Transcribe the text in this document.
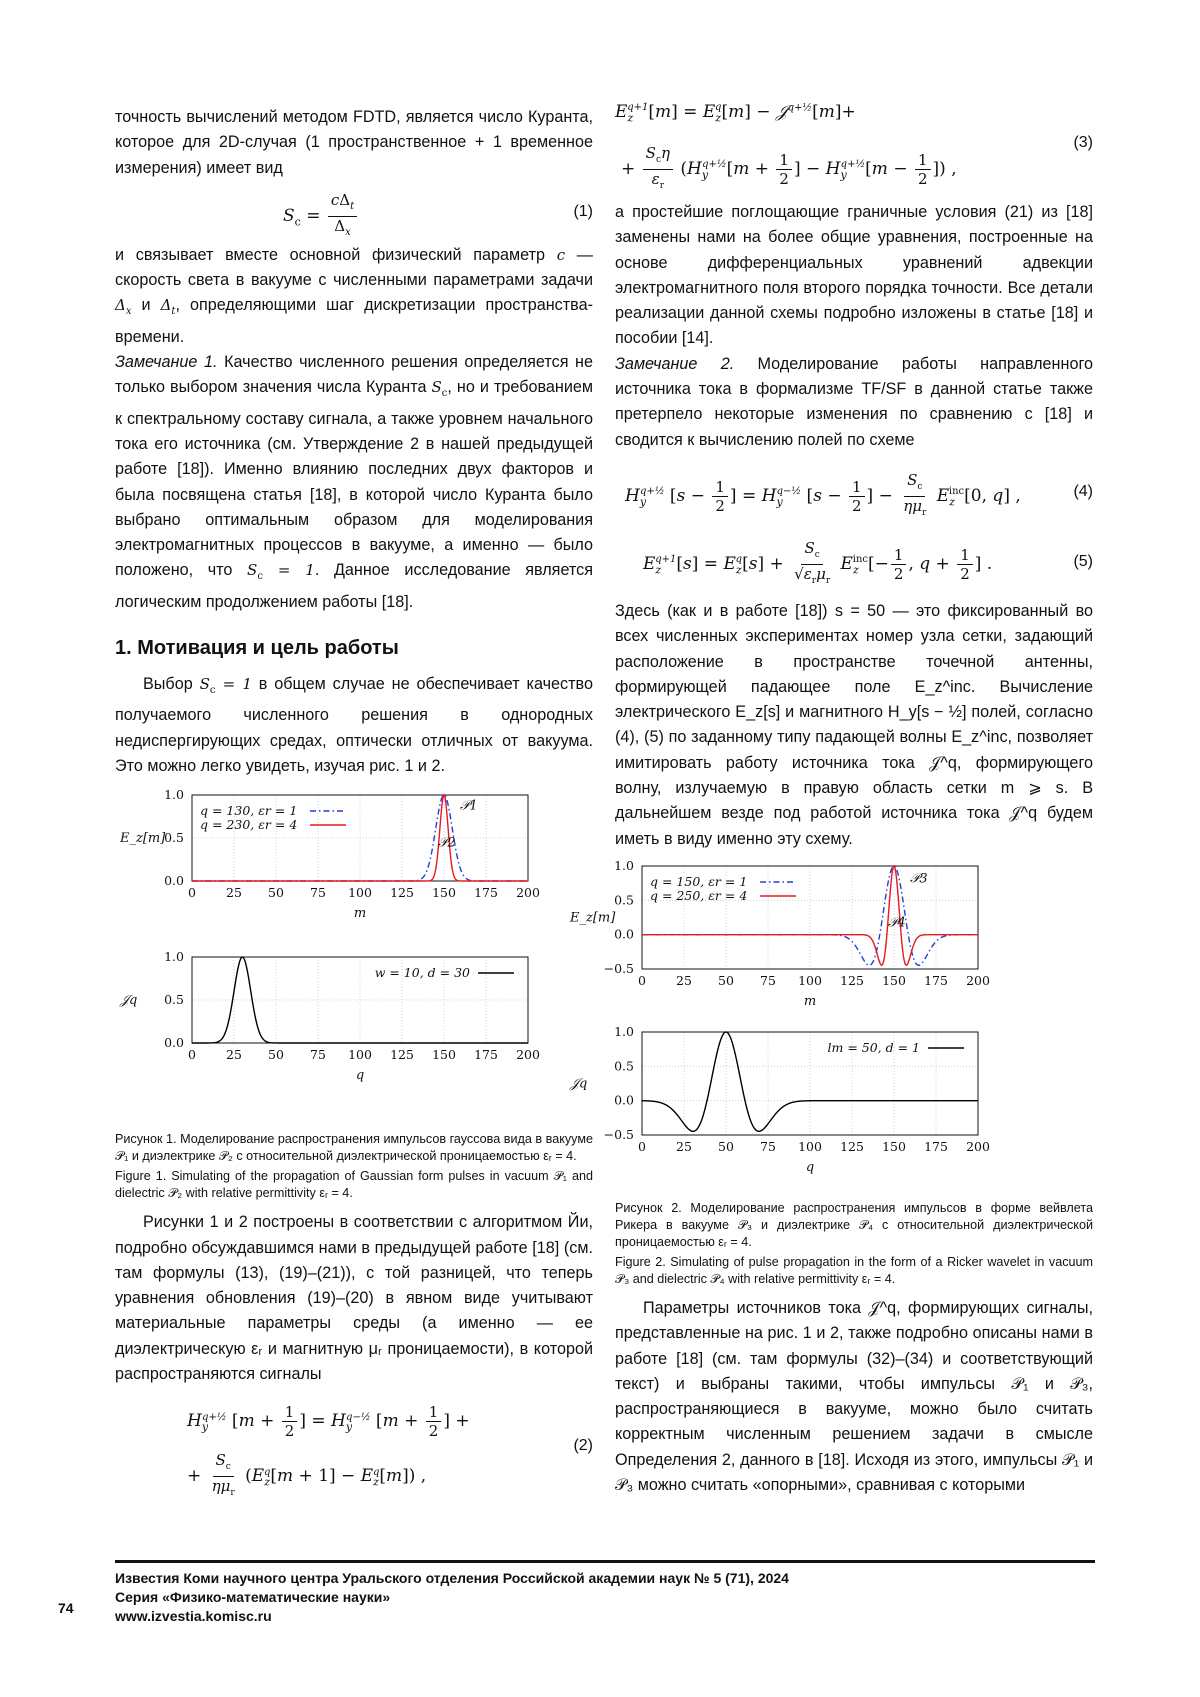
точность вычислений методом FDTD, является число Куранта, которое для 2D-случая (1 пространственное + 1 временное измерения) имеет вид

$S_c = \frac{c\Delta_t}{\Delta_x}$	(1)

и связывает вместе основной физический параметр c — скорость света в вакууме с численными параметрами задачи $\Delta_x$ и $\Delta_t$, определяющими шаг дискретизации пространства-времени.

Замечание 1. Качество численного решения определяется не только выбором значения числа Куранта $S_c$, но и требованием к спектральному составу сигнала, а также уровнем начального тока его источника (см. Утверждение 2 в нашей предыдущей работе [18]). Именно влиянию последних двух факторов и была посвящена статья [18], в которой число Куранта было выбрано оптимальным образом для моделирования электромагнитных процессов в вакууме, а именно — было положено, что $S_c = 1$. Данное исследование является логическим продолжением работы [18].

1. Мотивация и цель работы

Выбор $S_c = 1$ в общем случае не обеспечивает качество получаемого численного решения в однородных недиспергирующих средах, оптически отличных от вакуума. Это можно легко увидеть, изучая рис. 1 и 2.

0 25 50 75 100 125 150 175 200
0.0
0.5
1.0
m
E_z[m]
𝒫1
𝒫2
q = 130, εr = 1
q = 230, εr = 4
0 25 50 75 100 125 150 175 200
0.0
0.5
1.0
q
𝒥q
w = 10, d = 30

Рисунок 1. Моделирование распространения импульсов гауссова вида в вакууме 𝒫₁ и диэлектрике 𝒫₂ с относительной диэлектрической проницаемостью εᵣ = 4.

Figure 1. Simulating of the propagation of Gaussian form pulses in vacuum 𝒫₁ and dielectric 𝒫₂ with relative permittivity εᵣ = 4.

Рисунки 1 и 2 построены в соответствии с алгоритмом Йи, подробно обсуждавшимся нами в предыдущей работе [18] (см. там формулы (13), (19)–(21)), с той разницей, что теперь уравнения обновления (19)–(20) в явном виде учитывают материальные параметры среды (а именно — ее диэлектрическую εᵣ и магнитную μᵣ проницаемости), в которой распространяются сигналы

$H_y^{q+\frac{1}{2}}$ [$m + \frac{1}{2}$ ] = $H_y^{q-\frac{1}{2}}$ [$m + \frac{1}{2}$ ] +
+ $\frac{S_c}{\eta\mu_r} (E_z^q[m + 1] - E_z^q[m])$ ,
(2)
$E_z^{q+1}[m] = E_z^q[m]$ − 𝒥$^{q+\frac{1}{2}}$[m]+
+ $\frac{S_c\eta}{\varepsilon_r} (H_y^{q+\frac{1}{2}}[m + \frac{1}{2}$ ] − $H_y^{q+\frac{1}{2}}[m - \frac{1}{2}$ ]) ,
(3)

а простейшие поглощающие граничные условия (21) из [18] заменены нами на более общие уравнения, построенные на основе дифференциальных уравнений адвекции электромагнитного поля второго порядка точности. Все детали реализации данной схемы подробно изложены в статье [18] и пособии [14].

Замечание 2. Моделирование работы направленного источника тока в формализме TF/SF в данной статье также претерпело некоторые изменения по сравнению с [18] и сводится к вычислению полей по схеме

$H_y^{q+\frac{1}{2}}$ [$s - \frac{1}{2}$ ] = $H_y^{q-\frac{1}{2}}$ [$s - \frac{1}{2}$ ] − $\frac{S_c}{\eta\mu_r} E_z^{inc}[0$, q] ,	(4)
$E_z^{q+1}[s] = E_z^q[s] + \frac{S_c}{√\varepsilon_r\mu_r} E_z^{inc}[- \frac{1}{2}$ , $q + \frac{1}{2}$ ] .	(5)

Здесь (как и в работе [18]) s = 50 — это фиксированный во всех численных экспериментах номер узла сетки, задающий расположение в пространстве точечной антенны, формирующей падающее поле E_z^inc. Вычисление электрического E_z[s] и магнитного H_y[s − ½] полей, согласно (4), (5) по заданному типу падающей волны E_z^inc, позволяет имитировать работу источника тока 𝒥^q, формирующего волну, излучаемую в правую область сетки m ⩾ s. В дальнейшем везде под работой источника тока 𝒥^q будем иметь в виду именно эту схему.

0 25 50 75 100 125 150 175 200
−0.5
0.0
0.5
1.0
m
E_z[m]
𝒫3
𝒫4
q = 150, εr = 1
q = 250, εr = 4
0 25 50 75 100 125 150 175 200
−0.5
0.0
0.5
1.0
q
𝒥q
lm = 50, d = 1

Рисунок 2. Моделирование распространения импульсов в форме вейвлета Рикера в вакууме 𝒫₃ и диэлектрике 𝒫₄ с относительной диэлектрической проницаемостью εᵣ = 4.

Figure 2. Simulating of pulse propagation in the form of a Ricker wavelet in vacuum 𝒫₃ and dielectric 𝒫₄ with relative permittivity εᵣ = 4.

Параметры источников тока 𝒥^q, формирующих сигналы, представленные на рис. 1 и 2, также подробно описаны нами в работе [18] (см. там формулы (32)–(34) и соответствующий текст) и выбраны такими, чтобы импульсы 𝒫₁ и 𝒫₃, распространяющиеся в вакууме, можно было считать корректным численным решением задачи в смысле Определения 2, данного в [18]. Исходя из этого, импульсы 𝒫₁ и 𝒫₃ можно считать «опорными», сравнивая с которыми

Известия Коми научного центра Уральского отделения Российской академии наук № 5 (71), 2024
Серия «Физико-математические науки»
www.izvestia.komisc.ru
74
